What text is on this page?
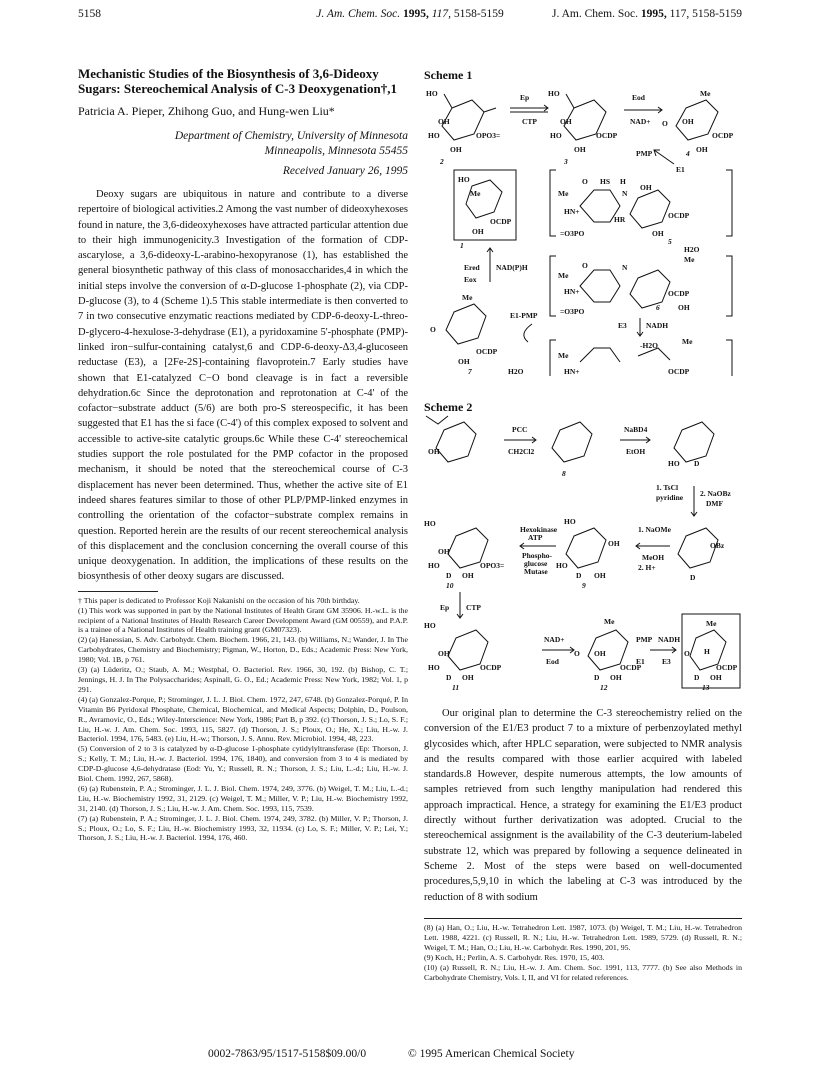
5158	J. Am. Chem. Soc. 1995, 117, 5158-5159	J. Am. Chem. Soc. 1995, 117, 5158-5159
Mechanistic Studies of the Biosynthesis of 3,6-Dideoxy Sugars: Stereochemical Analysis of C-3 Deoxygenation†,1
Patricia A. Pieper, Zhihong Guo, and Hung-wen Liu*
Department of Chemistry, University of Minnesota
Minneapolis, Minnesota 55455
Received January 26, 1995

Deoxy sugars are ubiquitous in nature and contribute to a diverse repertoire of biological activities.2 Among the vast number of dideoxyhexoses found in nature, the 3,6-dideoxyhexoses have attracted particular attention due to their high immunogenicity.3 Investigation of the formation of CDP-ascarylose, a 3,6-dideoxy-L-arabino-hexopyranose (1), has established the general biosynthetic pathway of this class of monosaccharides,4 in which the initial steps involve the conversion of α-D-glucose 1-phosphate (2), via CDP-D-glucose (3), to 4 (Scheme 1).5 This stable intermediate is then converted to 7 in two consecutive enzymatic reactions mediated by CDP-6-deoxy-L-threo-D-glycero-4-hexulose-3-dehydrase (E1), a pyridoxamine 5'-phosphate (PMP)-linked iron−sulfur-containing catalyst,6 and CDP-6-deoxy-Δ3,4-glucoseen reductase (E3), a [2Fe-2S]-containing flavoprotein.7 Early studies have shown that E1-catalyzed C−O bond cleavage is in fact a reversible dehydration.6c Since the deprotonation and reprotonation at C-4' of the cofactor−substrate adduct (5/6) are both pro-S stereospecific, it has been suggested that E1 has the si face (C-4') of this complex exposed to solvent and accessible to active-site catalytic groups.6c While these C-4' stereochemical studies support the role postulated for the PMP cofactor in the proposed mechanism, it should be noted that the stereochemical course of C-3 displacement has never been determined. Thus, whether the active site of E1 indeed shares features similar to those of other PLP/PMP-linked enzymes in controlling the orientation of the cofactor−substrate complex remains in question. Reported herein are the results of our recent stereochemical analysis of this displacement and the conclusion concerning the overall course of this unique deoxygenation. In addition, the implications of these results on the biosynthesis of other deoxy sugars are discussed.

† This paper is dedicated to Professor Koji Nakanishi on the occasion of his 70th birthday.

(1) This work was supported in part by the National Institutes of Health Grant GM 35906. H.-w.L. is the recipient of a National Institutes of Health Research Career Development Award (GM 00559), and P.A.P. is a trainee of a National Institutes of Health training grant (GM07323).

(2) (a) Hanessian, S. Adv. Carbohydr. Chem. Biochem. 1966, 21, 143. (b) Williams, N.; Wander, J. In The Carbohydrates, Chemistry and Biochemistry; Pigman, W., Horton, D., Eds.; Academic Press: New York, 1980; Vol. 1B, p 761.

(3) (a) Lüderitz, O.; Staub, A. M.; Westphal, O. Bacteriol. Rev. 1966, 30, 192. (b) Bishop, C. T.; Jennings, H. J. In The Polysaccharides; Aspinall, G. O., Ed.; Academic Press: New York, 1982; Vol. 1, p 291.

(4) (a) Gonzalez-Porque, P.; Strominger, J. L. J. Biol. Chem. 1972, 247, 6748. (b) Gonzalez-Porqué, P. In Vitamin B6 Pyridoxal Phosphate, Chemical, Biochemical, and Medical Aspects; Dolphin, D., Poulson, R., Avramovic, O., Eds.; Wiley-Interscience: New York, 1986; Part B, p 392. (c) Thorson, J. S.; Lo, S. F.; Liu, H.-w. J. Am. Chem. Soc. 1993, 115, 5827. (d) Thorson, J. S.; Ploux, O.; He, X.; Liu, H.-w. J. Bacteriol. 1994, 176, 5483. (e) Liu, H.-w.; Thorson, J. S. Annu. Rev. Microbiol. 1994, 48, 223.

(5) Conversion of 2 to 3 is catalyzed by α-D-glucose 1-phosphate cytidylyltransferase (Ep: Thorson, J. S.; Kelly, T. M.; Liu, H.-w. J. Bacteriol. 1994, 176, 1840), and conversion from 3 to 4 is mediated by CDP-D-glucose 4,6-dehydratase (Eod: Yu, Y.; Russell, R. N.; Thorson, J. S.; Liu, L.-d.; Liu, H.-w. J. Biol. Chem. 1992, 267, 5868).

(6) (a) Rubenstein, P. A.; Strominger, J. L. J. Biol. Chem. 1974, 249, 3776. (b) Weigel, T. M.; Liu, L.-d.; Liu, H.-w. Biochemistry 1992, 31, 2129. (c) Weigel, T. M.; Miller, V. P.; Liu, H.-w. Biochemistry 1992, 31, 2140. (d) Thorson, J. S.; Liu, H.-w. J. Am. Chem. Soc. 1993, 115, 7539.

(7) (a) Rubenstein, P. A.; Strominger, J. L. J. Biol. Chem. 1974, 249, 3782. (b) Miller, V. P.; Thorson, J. S.; Ploux, O.; Lo, S. F.; Liu, H.-w. Biochemistry 1993, 32, 11934. (c) Lo, S. F.; Miller, V. P.; Lei, Y.; Thorson, J. S.; Liu, H.-w. J. Bacteriol. 1994, 176, 460.

Scheme 1
HO
OH
HO	OPO3=
OH
2
Ep
CTP
HO
OH
HO	OCDP
OH
3
Eod
NAD+
Me
O OH
OCDP
OH
4
PMP
E1
HO
Me
OCDP
OH
1
Me
O HS H
N
OH
HN+	OCDP
HR
OH
=O3PO
5
H2O
Me
Me
O	N
HN+	OCDP
=O3PO	6 OH
Ered NAD(P)H
Eox
E3	NADH
-H2O
Me
O
OCDP
OH
7
E1-PMP
H2O
Me
Me
HN+	OCDP
Scheme 2
OH
8
PCC
CH2Cl2
NaBD4
EtOH
HO D
1. TsCl
pyridine 2. NaOBz
DMF
HO
OH
HO	OPO3=
D OH
10
Hexokinase
ATP
Phospho-
glucose
Mutase
HO
OH
HO
D OH
9
1. NaOMe
MeOH
2. H+
OBz
D
Ep CTP
HO
OH
HO	OCDP
D OH
11
NAD+
Eod
Me
O OH
OCDP
D OH
12
PMP NADH
E1 E3
Me
O H
OCDP
D OH
13

Our original plan to determine the C-3 stereochemistry relied on the conversion of the E1/E3 product 7 to a mixture of perbenzoylated methyl glycosides which, after HPLC separation, were subjected to NMR analysis and the results compared with those earlier acquired with labeled standards.8 However, despite numerous attempts, the low amounts of samples retrieved from such lengthy manipulation had rendered this approach impractical. Hence, a strategy for examining the E1/E3 product directly without further derivatization was adopted. Crucial to the stereochemical assignment is the availability of the C-3 deuterium-labeled substrate 12, which was prepared by following a sequence delineated in Scheme 2. Most of the steps were based on well-documented procedures,5,9,10 in which the labeling at C-3 was introduced by the reduction of 8 with sodium

(8) (a) Han, O.; Liu, H.-w. Tetrahedron Lett. 1987, 1073. (b) Weigel, T. M.; Liu, H.-w. Tetrahedron Lett. 1988, 4221. (c) Russell, R. N.; Liu, H.-w. Tetrahedron Lett. 1989, 5729. (d) Russell, R. N.; Weigel, T. M.; Han, O.; Liu, H.-w. Carbohydr. Res. 1990, 201, 95.

(9) Koch, H.; Perlin, A. S. Carbohydr. Res. 1970, 15, 403.

(10) (a) Russell, R. N.; Liu, H.-w. J. Am. Chem. Soc. 1991, 113, 7777. (b) See also Methods in Carbohydrate Chemistry, Vols. I, II, and VI for related references.

0002-7863/95/1517-5158$09.00/0	© 1995 American Chemical Society
